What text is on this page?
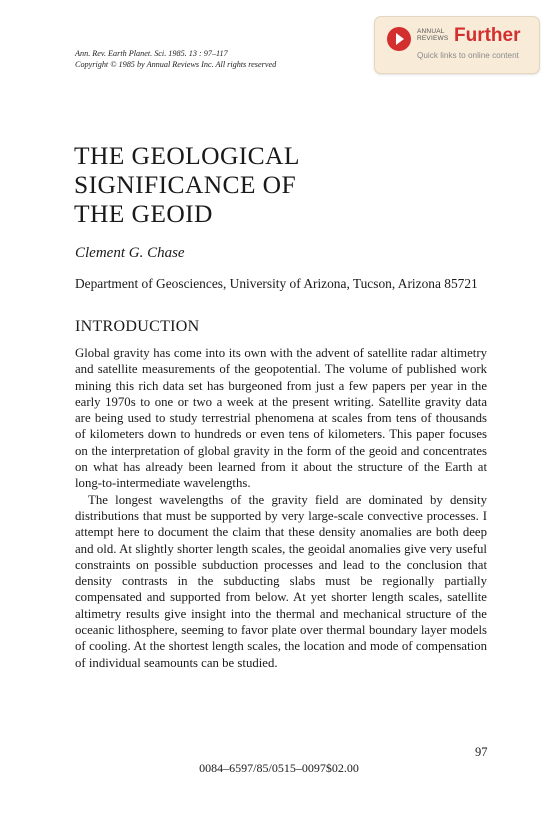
Ann. Rev. Earth Planet. Sci. 1985. 13 : 97–117
Copyright © 1985 by Annual Reviews Inc. All rights reserved
ANNUAL
REVIEWS Further
Quick links to online content
THE GEOLOGICAL
SIGNIFICANCE OF
THE GEOID
Clement G. Chase
Department of Geosciences, University of Arizona, Tucson, Arizona 85721
INTRODUCTION

Global gravity has come into its own with the advent of satellite radar altimetry and satellite measurements of the geopotential. The volume of published work mining this rich data set has burgeoned from just a few papers per year in the early 1970s to one or two a week at the present writing. Satellite gravity data are being used to study terrestrial phenomena at scales from tens of thousands of kilometers down to hundreds or even tens of kilometers. This paper focuses on the interpretation of global gravity in the form of the geoid and concentrates on what has already been learned from it about the structure of the Earth at long-to-intermediate wavelengths.

The longest wavelengths of the gravity field are dominated by density distributions that must be supported by very large-scale convective processes. I attempt here to document the claim that these density anomalies are both deep and old. At slightly shorter length scales, the geoidal anomalies give very useful constraints on possible subduction processes and lead to the conclusion that density contrasts in the subducting slabs must be regionally partially compensated and supported from below. At yet shorter length scales, satellite altimetry results give insight into the thermal and mechanical structure of the oceanic lithosphere, seeming to favor plate over thermal boundary layer models of cooling. At the shortest length scales, the location and mode of compensation of individual seamounts can be studied.

97
0084–6597/85/0515–0097$02.00
